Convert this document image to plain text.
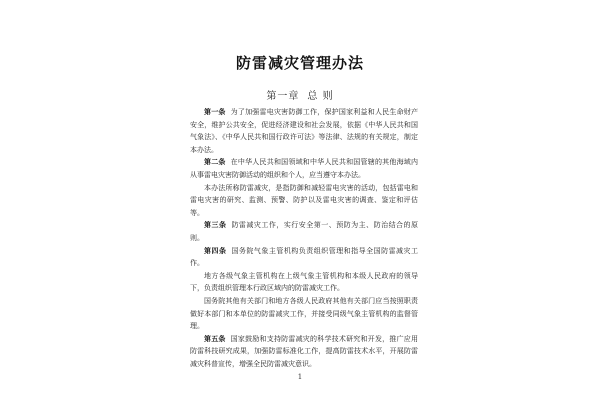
防雷减灾管理办法
第一章 总 则

第一条 为了加强雷电灾害防御工作，保护国家利益和人民生命财产安全，维护公共安全，促进经济建设和社会发展，依据《中华人民共和国气象法》、《中华人民共和国行政许可法》等法律、法规的有关规定，制定本办法。

第二条 在中华人民共和国领域和中华人民共和国管辖的其他海域内从事雷电灾害防御活动的组织和个人，应当遵守本办法。

本办法所称防雷减灾，是指防御和减轻雷电灾害的活动，包括雷电和雷电灾害的研究、监测、预警、防护以及雷电灾害的调查、鉴定和评估等。

第三条 防雷减灾工作，实行安全第一、预防为主、防治结合的原则。

第四条 国务院气象主管机构负责组织管理和指导全国防雷减灾工作。

地方各级气象主管机构在上级气象主管机构和本级人民政府的领导下，负责组织管理本行政区域内的防雷减灾工作。

国务院其他有关部门和地方各级人民政府其他有关部门应当按照职责做好本部门和本单位的防雷减灾工作，并接受同级气象主管机构的监督管理。

第五条 国家鼓励和支持防雷减灾的科学技术研究和开发，推广应用防雷科技研究成果，加强防雷标准化工作，提高防雷技术水平，开展防雷减灾科普宣传，增强全民防雷减灾意识。

1
